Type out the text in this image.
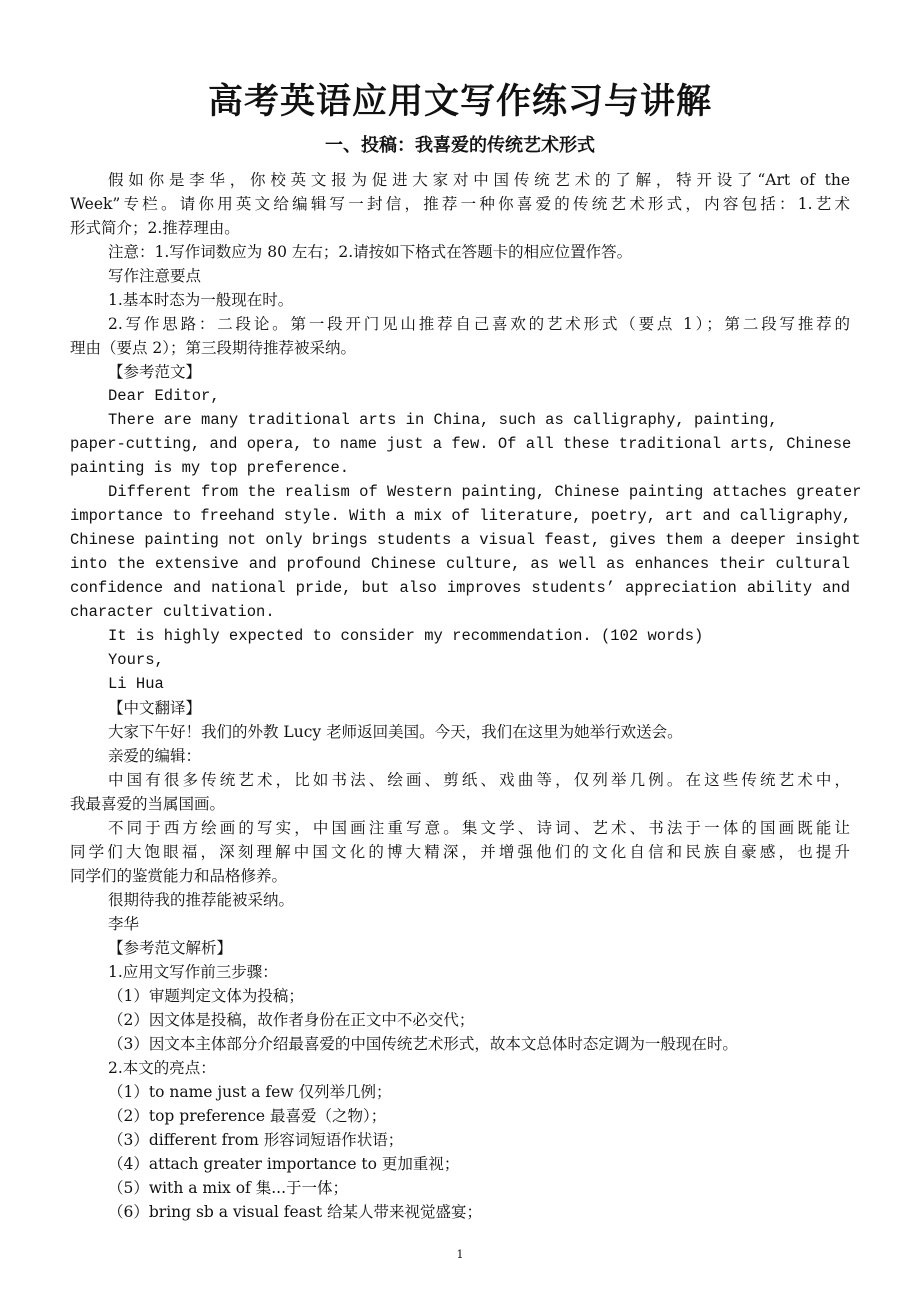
高考英语应用文写作练习与讲解
一、投稿：我喜爱的传统艺术形式
假如你是李华，你校英文报为促进大家对中国传统艺术的了解，特开设了“Art of the
Week”专栏。请你用英文给编辑写一封信，推荐一种你喜爱的传统艺术形式，内容包括：1.艺术
形式简介；2.推荐理由。
注意：1.写作词数应为 80 左右；2.请按如下格式在答题卡的相应位置作答。
写作注意要点
1.基本时态为一般现在时。
2.写作思路：二段论。第一段开门见山推荐自己喜欢的艺术形式（要点 1）；第二段写推荐的
理由（要点 2）；第三段期待推荐被采纳。
【参考范文】
Dear Editor,
There are many traditional arts in China, such as calligraphy, painting,
paper-cutting, and opera, to name just a few. Of all these traditional arts, Chinese
painting is my top preference.
Different from the realism of Western painting, Chinese painting attaches greater
importance to freehand style. With a mix of literature, poetry, art and calligraphy,
Chinese painting not only brings students a visual feast, gives them a deeper insight
into the extensive and profound Chinese culture, as well as enhances their cultural
confidence and national pride, but also improves students’ appreciation ability and
character cultivation.
It is highly expected to consider my recommendation. (102 words)
Yours,
Li Hua
【中文翻译】
大家下午好！我们的外教 Lucy 老师返回美国。今天，我们在这里为她举行欢送会。
亲爱的编辑：
中国有很多传统艺术，比如书法、绘画、剪纸、戏曲等，仅列举几例。在这些传统艺术中，
我最喜爱的当属国画。
不同于西方绘画的写实，中国画注重写意。集文学、诗词、艺术、书法于一体的国画既能让
同学们大饱眼福，深刻理解中国文化的博大精深，并增强他们的文化自信和民族自豪感，也提升
同学们的鉴赏能力和品格修养。
很期待我的推荐能被采纳。
李华
【参考范文解析】
1.应用文写作前三步骤：
（1）审题判定文体为投稿；
（2）因文体是投稿，故作者身份在正文中不必交代；
（3）因文本主体部分介绍最喜爱的中国传统艺术形式，故本文总体时态定调为一般现在时。
2.本文的亮点：
（1）to name just a few 仅列举几例；
（2）top preference 最喜爱（之物）；
（3）different from 形容词短语作状语；
（4）attach greater importance to 更加重视；
（5）with a mix of 集...于一体；
（6）bring sb a visual feast 给某人带来视觉盛宴；
1
